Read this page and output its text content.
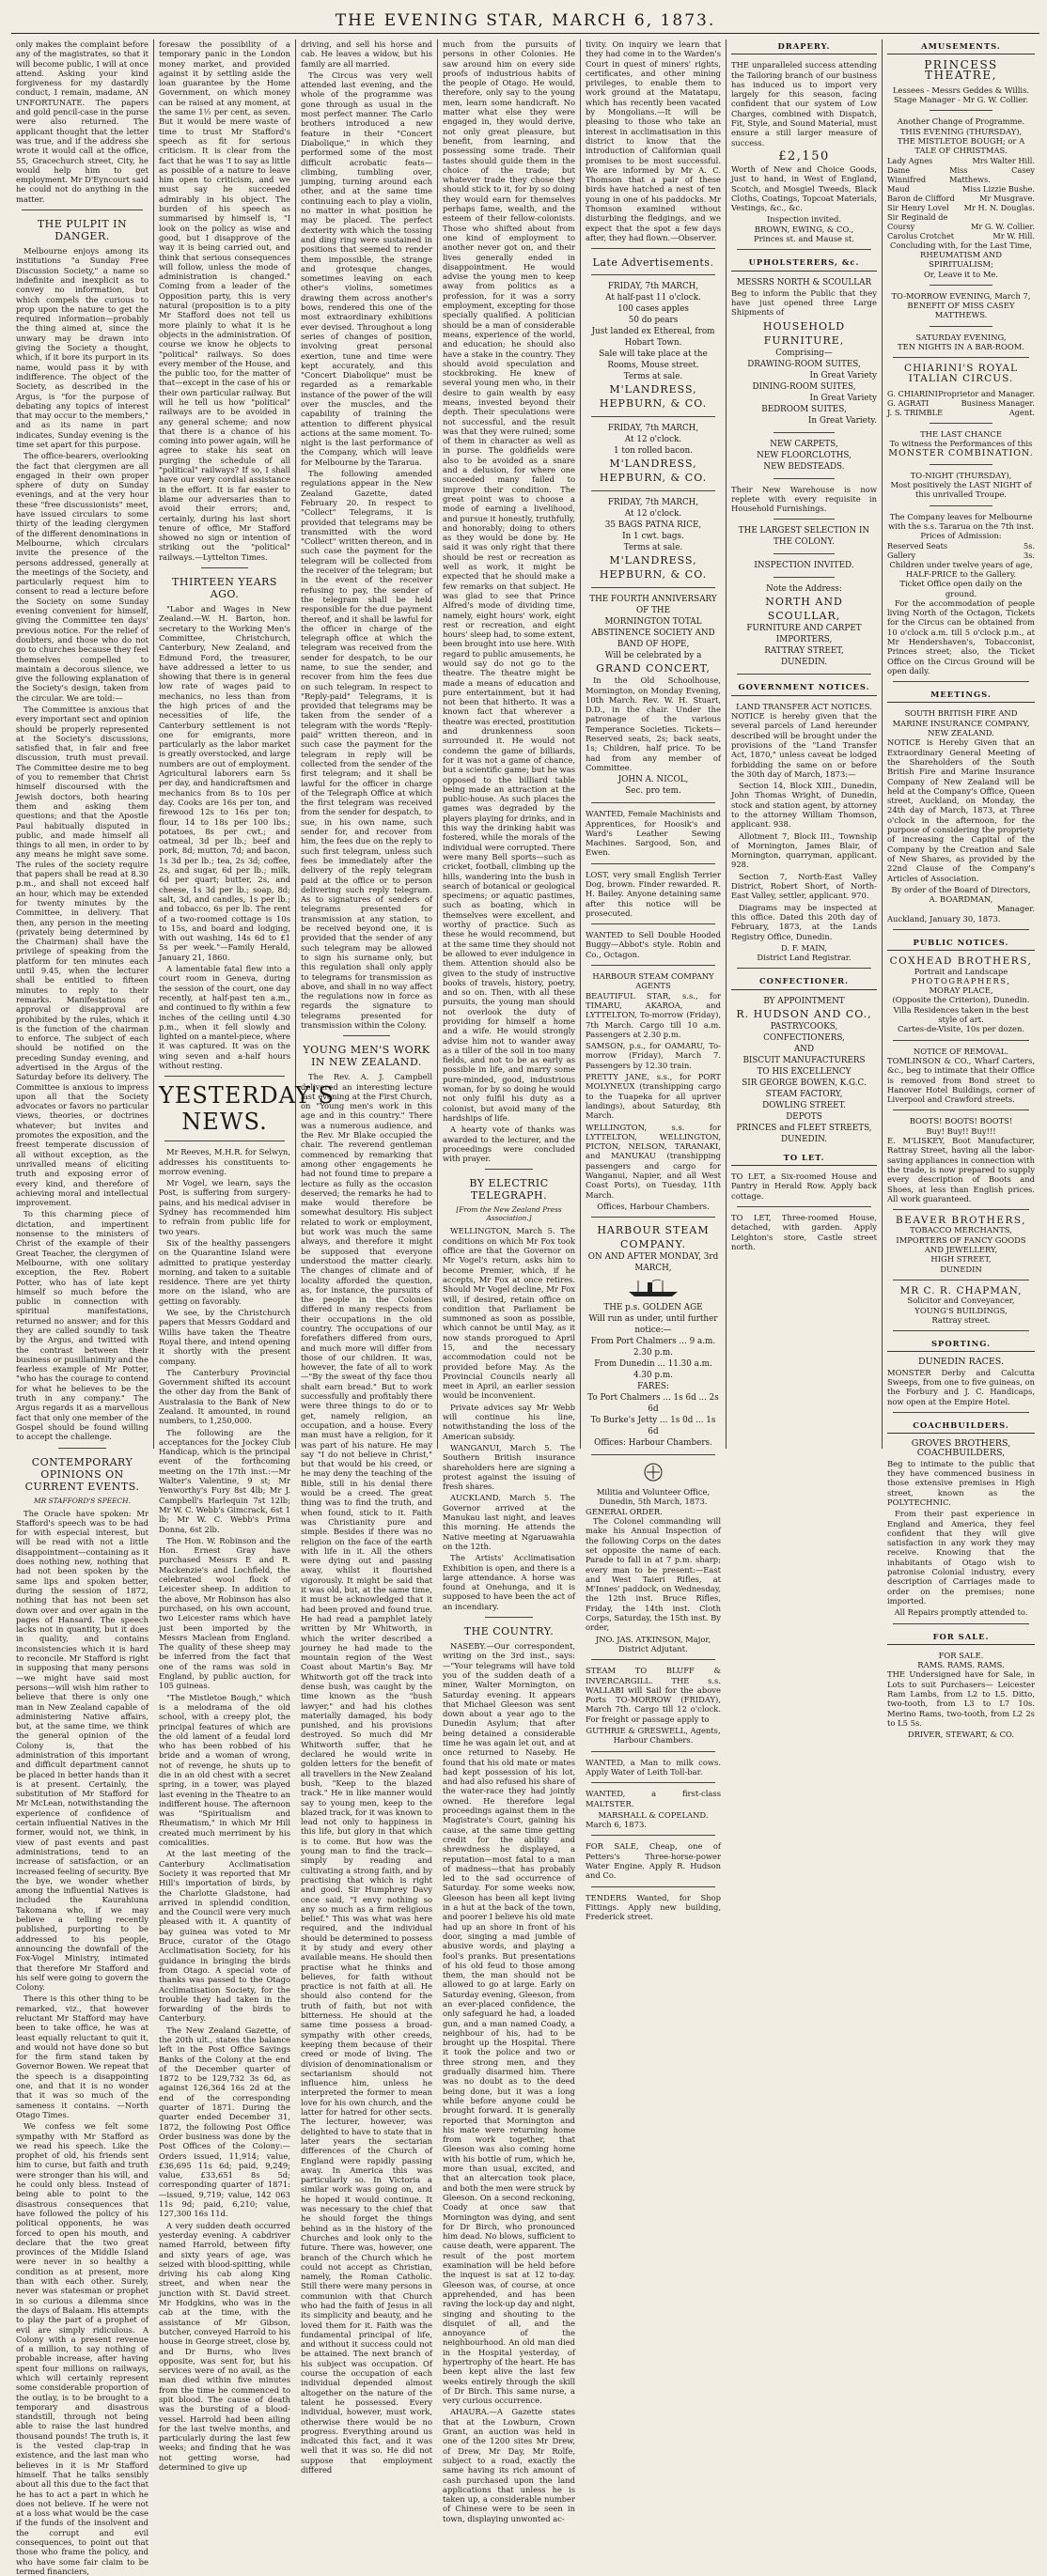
THE EVENING STAR, MARCH 6, 1873.

only makes the complaint before any of the magistrates, so that it will become public, I will at once attend. Asking your kind forgiveness for my dastardly conduct, I remain, madame, AN UNFORTUNATE. The papers and gold pencil-case in the purse were also returned. The applicant thought that the letter was true, and if the address she wrote it would call at the office, 55, Gracechurch street, City, he would help him to get employment. Mr D'Eyncourt said he could not do anything in the matter.

THE PULPIT IN DANGER.

Melbourne enjoys among its institutions "a Sunday Free Discussion Society," a name so indefinite and inexplicit as to convey no information, but which compels the curious to prop upon the nature to get the required information—probably the thing aimed at, since the unwary may be drawn into giving the Society a thought, which, if it bore its purport in its name, would pass it by with indifference. The object of the Society, as described in the Argus, is "for the purpose of debating any topics of interest that may occur to the members," and as its name in part indicates, Sunday evening is the time set apart for this purpose.

The office-bearers, overlooking the fact that clergymen are all engaged in their own proper sphere of duty on Sunday evenings, and at the very hour these "free discussionists" meet, have issued circulars to some thirty of the leading clergymen of the different denominations in Melbourne, which circulars invite the presence of the persons addressed, generally at the meetings of the Society, and particularly request him to consent to read a lecture before the Society on some Sunday evening convenient for himself, giving the Committee ten days' previous notice. For the relief of doubters, and those who do not go to churches because they feel themselves compelled to maintain a decorous silence, we give the following explanation of the Society's design, taken from the circular. We are told:—

The Committee is anxious that every important sect and opinion should be properly represented at the Society's discussions, satisfied that, in fair and free discussion, truth must prevail. The Committee desire me to beg of you to remember that Christ himself discoursed with the Jewish doctors, both hearing them and asking them questions; and that the Apostle Paul habitually disputed in public, and made himself all things to all men, in order to by any means he might save some. The rules of the society require that papers shall be read at 8.30 p.m., and shall not exceed half an hour, which may be extended for twenty minutes by the Committee, in delivery. That then, any person in the meeting (privately being determined by the Chairman) shall have the privilege of speaking from the platform for ten minutes each until 9.45, when the lecturer shall be entitled to fifteen minutes to reply to their remarks. Manifestations of approval or disapproval are prohibited by the rules, which it is the function of the chairman to enforce. The subject of each should be notified on the preceding Sunday evening, and advertised in the Argus of the Saturday before its delivery. The Committee is anxious to impress upon all that the Society advocates or favors no particular views, theories, or doctrines whatever; but invites and promotes the exposition, and the freest temperate discussion of all without exception, as the unrivalled means of eliciting truth and exposing error of every kind, and therefore of achieving moral and intellectual improvement.

To this charming piece of dictation, and impertinent nonsense to the ministers of Christ of the example of their Great Teacher, the clergymen of Melbourne, with one solitary exception, the Rev. Robert Potter, who has of late kept himself so much before the public in connection with spiritual manifestations, returned no answer; and for this they are called soundly to task by the Argus, and twitted with the contrast between their business or pusillanimity and the fearless example of Mr Potter, "who has the courage to contend for what he believes to be the truth in any company." The Argus regards it as a marvellous fact that only one member of the Gospel should be found willing to accept the challenge.

CONTEMPORARY OPINIONS ON CURRENT EVENTS.
MR STAFFORD'S SPEECH.

The Oracle have spoken: Mr Stafford's speech was to be had for with especial interest, but will be read with not a little disappointment—containing as it does nothing new, nothing that had not been spoken by the same lips and spoken better, during the session of 1872, nothing that has not been set down over and over again in the pages of Hansard. The speech lacks not in quantity, but it does in quality, and contains inconsistencies which it is hard to reconcile. Mr Stafford is right in supposing that many persons—we might have said most persons—will wish him rather to believe that there is only one man in New Zealand capable of administering Native affairs, but, at the same time, we think the general opinion of the Colony is, that the administration of this important and difficult department cannot be placed in better hands than it is at present. Certainly, the substitution of Mr Stafford for Mr McLean, notwithstanding the experience of confidence of certain influential Natives in the former, would not, we think, in view of past events and past administrations, tend to an increase of satisfaction, or an increased feeling of security. Bye the bye, we wonder whether among the influential Natives is included the Kaurahiuna Takomana who, if we may believe a telling recently published, purporting to be addressed to his people, announcing the downfall of the Fox-Vogel Ministry, intimated that therefore Mr Stafford and his self were going to govern the Colony.

There is this other thing to be remarked, viz., that however reluctant Mr Stafford may have been to take office, he was at least equally reluctant to quit it, and would not have done so but for the firm stand taken by Governor Bowen. We repeat that the speech is a disappointing one, and that it is no wonder that it was so much of the sameness it contains. —North Otago Times.

We confess we felt some sympathy with Mr Stafford as we read his speech. Like the prophet of old, his friends sent him to curse, but faith and truth were stronger than his will, and he could only bless. Instead of being able to point to the disastrous consequences that have followed the policy of his political opponents, he was forced to open his mouth, and declare that the two great provinces of the Middle Island were never in so healthy a condition as at present, more than with each other. Surely, never was statesman or prophet in so curious a dilemma since the days of Balaam. His attempts to play the part of a prophet of evil are simply ridiculous. A Colony with a present revenue of a million, to say nothing of probable increase, after having spent four millions on railways, which will certainly represent some considerable proportion of the outlay, is to be brought to a temporary and disastrous standstill, through not being able to raise the last hundred thousand pounds! The truth is, it is the vested clap-trap in existence, and the last man who believes in it is Mr Stafford himself. That he talks sensibly about all this due to the fact that he has to act a part in which he does not believe. If he were not at a loss what would be the case if the funds of the insolvent and the corrupt and evil consequences, to point out that those who frame the policy, and who have some fair claim to be termed financiers,

foresaw the possibility of a temporary panic in the London money market, and provided against it by settling aside the loan guarantee by the Home Government, on which money can be raised at any moment, at the same 1½ per cent, as seven. But it would be mere waste of time to trust Mr Stafford's speech as fit for serious criticism. It is clear from the fact that he was 'I to say as little as possible of a nature to leave him open to criticism, and we must say he succeeded admirably in his object. The burden of his speech as summarised by himself is, "I look on the policy as wise and good, but I disapprove of the way it is being carried out, and think that serious consequences will follow, unless the mode of administration is changed." Coming from a leader of the Opposition party, this is very natural (proposition is to a pity Mr Stafford does not tell us more plainly to what it is he objects in the administration. Of course we know he objects to "political" railways. So does every member of the House, and the public too, for the matter of that—except in the case of his or their own particular railway. But will he tell us how "political" railways are to be avoided in any general scheme; and now that there is a chance of his coming into power again, will he agree to stake his seat on purging the schedule of all "political" railways? If so, I shall have our very cordial assistance in the effort. It is far easier to blame our adversaries than to avoid their errors; and, certainly, during his last short tenure of office, Mr Stafford showed no sign or intention of striking out the "political" railways.—Lyttelton Times.

THIRTEEN YEARS AGO.

"Labor and Wages in New Zealand.—W. H. Barton, hon. secretary to the Working Men's Committee, Christchurch, Canterbury, New Zealand, and Edmund Ford, the treasurer, have addressed a letter to us showing that there is in general low rate of wages paid to mechanics, no less than from the high prices of and the necessities of life, the Canterbury settlement is not one for emigrants, more particularly as the labor market is greatly overstocked, and large numbers are out of employment. Agricultural laborers earn 5s per day, and handicraftsmen and mechanics from 8s to 10s per day. Cooks are 16s per ton, and firewood 12s to 16s per ton; flour, 14 to 18s per 100 lbs.; potatoes, 8s per cwt.; and oatmeal, 3d per lb.; beef and pork, 8d; mutton, 7d; and bacon, 1s 3d per lb.; tea, 2s 3d; coffee, 2s, and sugar, 6d per lb.; milk, 6d per quart; butter, 2s, and cheese, 1s 3d per lb.; soap, 8d; salt, 3d, and candles, 1s per lb.; and tobacco, 6s per lb. The rent of a two-roomed cottage is 10s to 15s, and board and lodging, with out washing, 14s 6d to £1 5s per week."—Family Herald, January 21, 1860.

A lamentable fatal flew into a court room in Geneva, during the session of the court, one day recently, at half-past ten a.m., and continued to fly within a few inches of the ceiling until 4.30 p.m., when it fell slowly and lighted on a mantel-piece, where it was captured. It was on the wing seven and a-half hours without resting.

YESTERDAY'S NEWS.

Mr Reeves, M.H.R. for Selwyn, addresses his constituents to-morrow evening.

Mr Vogel, we learn, says the Post, is suffering from surgery-pains, and his medical adviser in Sydney has recommended him to refrain from public life for two years.

Six of the healthy passengers on the Quarantine Island were admitted to pratique yesterday morning, and taken to a suitable residence. There are yet thirty more on the island, who are getting on favorably.

We see, by the Christchurch papers that Messrs Goddard and Willis have taken the Theatre Royal there, and intend opening it shortly with the present company.

The Canterbury Provincial Government shifted its account the other day from the Bank of Australasia to the Bank of New Zealand. It amounted, in round numbers, to 1,250,000.

The following are the acceptances for the Jockey Club Handicap, which is the principal event of the forthcoming meeting on the 17th inst.:—Mr Walter's Valentine, 9 st; Mr Yenworthy's Fury 8st 4lb; Mr J. Campbell's Harlequin 7st 12lb; Mr W. C. Webb's Gimcrack, 6st 1 lb; Mr W. C. Webb's Prima Donna, 6st 2lb.

The Hon. W. Robinson and the Hon. Ernest Gray have purchased Messrs E and R. Mackenzie's and Lochfield, the celebrated wool flock of Leicester sheep. In addition to the above, Mr Robinson has also purchased, on his own account, two Leicester rams which have just been imported by the Messrs Maclean from England. The quality of these sheep may be inferred from the fact that one of the rams was sold in England, by public auction, for 105 guineas.

"The Mistletoe Bough," which is a melodrama of the old school, with a creepy plot, the principal features of which are the old lament of a feudal lord who has been robbed of his bride and a woman of wrong, not of revenge, he shuts up to die in an old chest with a secret spring, in a tower, was played last evening in the Theatre to an indifferent house. The afternoon was "Spiritualism and Rheumatism," in which Mr Hill created much merriment by his comicalities.

At the last meeting of the Canterbury Acclimatisation Society it was reported that Mr Hill's importation of birds, by the Charlotte Gladstone, had arrived in splendid condition, and the Council were very much pleased with it. A quantity of bay guinea was voted to Mr Bruce, curator of the Otago Acclimatisation Society, for his guidance in bringing the birds from Otago. A special vote of thanks was passed to the Otago Acclimatisation Society, for the trouble they had taken in the forwarding of the birds to Canterbury.

The New Zealand Gazette, of the 20th ult., states the balance left in the Post Office Savings Banks of the Colony at the end of the December quarter of 1872 to be 129,732 3s 6d, as against 126,364 16s 2d at the end of the corresponding quarter of 1871. During the quarter ended December 31, 1872, the following Post Office Order business was done by the Post Offices of the Colony:—Orders issued, 11,914; value, £36,695 11s 6d; paid, 9,249; value, £33,651 8s 5d; corresponding quarter of 1871:—issued, 9,719; value, 142 063 11s 9d; paid, 6,210; value, 127,300 16s 11d.

A very sudden death occurred yesterday evening. A cabdriver named Harrold, between fifty and sixty years of age, was seized with blood-spitting, while driving his cab along King street, and when near the junction with St. David street. Mr Hodgkins, who was in the cab at the time, with the assistance of Mr Gibson, butcher, conveyed Harrold to his house in George street, close by, and Dr Burns, who lives opposite, was sent for, but his services were of no avail, as the man died within five minutes from the time he commenced to spit blood. The cause of death was the bursting of a blood-vessel. Harrold had been ailing for the last twelve months, and particularly during the last few weeks; and finding that he was not getting worse, had determined to give up

driving, and sell his horse and cab. He leaves a widow, but his family are all married.

The Circus was very well attended last evening, and the whole of the programme was gone through as usual in the most perfect manner. The Carlo brothers introduced a new feature in their "Concert Diabolique," in which they performed some of the most difficult acrobatic feats—climbing, tumbling over, jumping, turning around each other, and at the same time continuing each to play a violin, no matter in what position he may be placed. The perfect dexterity with which the tossing and ding ring were sustained in positions that seemed to render them impossible, the strange and grotesque changes, sometimes leaving on each other's violins, sometimes drawing them across another's bows, rendered this one of the most extraordinary exhibitions ever devised. Throughout a long series of changes of position, involving great personal exertion, tune and time were kept accurately, and this "Concert Diabolique" must be regarded as a remarkable instance of the power of the will over the muscles, and the capability of training the attention to different physical actions at the same moment. To-night is the last performance of the Company, which will leave for Melbourne by the Tararua.

The following amended regulations appear in the New Zealand Gazette, dated February 20. In respect to "Collect" Telegrams, it is provided that telegrams may be transmitted with the word "Collect" written thereon, and in such case the payment for the telegram will be collected from the receiver of the telegram; but in the event of the receiver refusing to pay, the sender of the telegram shall be held responsible for the due payment thereof, and it shall be lawful for the officer in charge of the telegraph office at which the telegram was received from the sender for despatch, to be our name, to sue the sender, and recover from him the fees due on such telegram. In respect to "Reply-paid" Telegrams, it is provided that telegrams may be taken from the sender of a telegram with the words "Reply-paid" written thereon, and in such case the payment for the telegram in reply will be collected from the sender of the first telegram; and it shall be lawful for the officer in charge of the Telegraph Office at which the first telegram was received from the sender for despatch, to sue, in his own name, such sender for, and recover from him, the fees due on the reply to such first telegram, unless such fees be immediately after the delivery of the reply telegram paid at the office or to person delivering such reply telegram. As to signatures of senders of telegrams presented for transmission at any station, to be received beyond one, it is provided that the sender of any such telegram may be allowed to sign his surname only, but this regulation shall only apply to telegrams for transmission as above, and shall in no way affect the regulations now in force as regards the signature to telegrams presented for transmission within the Colony.

YOUNG MEN'S WORK IN NEW ZEALAND.

The Rev. A. J. Campbell delivered an interesting lecture last evening at the First Church, on "Young men's work in this age and in this country." There was a numerous audience, and the Rev. Mr Blake occupied the chair. The reverend gentleman commenced by remarking that among other engagements he had not found time to prepare a lecture as fully as the occasion deserved; the remarks he had to make would therefore be somewhat desultory. His subject related to work or employment, but work was much the same always, and therefore it might be supposed that everyone understood the matter clearly. The changes of climate and of locality afforded the question, as, for instance, the pursuits of the people in the Colonies differed in many respects from their occupations in the old country. The occupations of our forefathers differed from ours, and much more will differ from those of our children. It was, however, the fate of all to work—"By the sweat of thy face thou shalt earn bread." But to work successfully and profitably there were three things to do or to get, namely religion, an occupation, and a house. Every man must have a religion, for it was part of his nature. He may say "I do not believe in Christ," but that would be his creed, or he may deny the teaching of the Bible, still in his denial there would be a creed. The great thing was to find the truth, and when found, stick to it. Faith was Christianity pure and simple. Besides if there was no religion on the face of the earth with life in it. All the others were dying out and passing away, whilst it flourished vigorously. It might be said that it was old, but, at the same time, it must be acknowledged that it had been proved and found true. He had read a pamphlet lately written by Mr Whitworth, in which the writer described a journey he had made to the mountain region of the West Coast about Martin's Bay. Mr Whitworth got off the track into dense bush, was caught by the time known as the "bush lawyer," and had his clothes materially damaged, his body punished, and his provisions destroyed. So much did Mr Whitworth suffer, that he declared he would write in golden letters for the benefit of all travellers in the New Zealand bush, "Keep to the blazed track." He in like manner would say to young men, keep to the blazed track, for it was known to lead not only to happiness in this life, but glory in that which is to come. But how was the young man to find the track—simply by reading and cultivating a strong faith, and by practising that which is right and good. Sir Humphrey Davy once said, "I envy nothing so any so much as a firm religious belief." This was what was here required, and the individual should be determined to possess it by study and every other available means. He should then practise what he thinks and believes, for faith without practice is not faith at all. He should also contend for the truth of faith, but not with bitterness. He should at the same time possess a broad-sympathy with other creeds, keeping them because of their creed or mode of living. The division of denominationalism or sectarianism should not influence him, unless he interpreted the former to mean love for his own church, and the latter for hatred for other sects. The lecturer, however, was delighted to have to state that in later years the sectarian differences of the Church of England were rapidly passing away. In America this was particularly so. In Victoria a similar work was going on, and he hoped it would continue. It was necessary to the chief that he should forget the things behind as in the history of the Churches and look only to the future. There was, however, one branch of the Church which he could not accept as Christian, namely, the Roman Catholic. Still there were many persons in communion with that Church who had the faith of Jesus in all its simplicity and beauty, and he loved them for it. Faith was the fundamental principal of life, and without it success could not be attained. The next branch of his subject was occupation. Of course the occupation of each individual depended almost altogether on the nature of the talent he possessed. Every individual, however, must work, otherwise there would be no progress. Everything around us indicated this fact, and it was well that it was so. He did not suppose that employment differed

much from the pursuits of persons in other Colonies. He saw around him on every side proofs of industrious habits of the people of Otago. He would, therefore, only say to the young men, learn some handicraft. No matter what else they were engaged in, they would derive, not only great pleasure, but benefit, from learning, and possessing some trade. Their tastes should guide them in the choice of the trade; but whatever trade they chose they should stick to it, for by so doing they would earn for themselves perhaps fame, wealth, and the esteem of their fellow-colonists. Those who shifted about from one kind of employment to another never got on, and their lives generally ended in disappointment. He would advise the young men to keep away from politics as a profession, for it was a sorry employment, excepting for those specially qualified. A politician should be a man of considerable means, experience of the world, and education; he should also have a stake in the country. They should avoid speculation and stockbroking. He knew of several young men who, in their desire to gain wealth by easy means, invested beyond their depth. Their speculations were not successful, and the result was that they were ruined; some of them in character as well as in purse. The goldfields were also to be avoided as a snare and a delusion, for where one succeeded many failed to improve their condition. The great point was to choose a mode of earning a livelihood, and pursue it honestly, truthfully, and honorably; doing to others as they would be done by. He said it was only right that there should be rest or recreation as well as work, it might be expected that he should make a few remarks on that subject. He was glad to see that Prince Alfred's mode of dividing time, namely, eight hours' work, eight rest or recreation, and eight hours' sleep had, to some extent, been brought into use here. With regard to public amusements, he would say do not go to the theatre. The theatre might be made a means of education and pure entertainment, but it had not been that hitherto. It was a known fact that wherever a theatre was erected, prostitution and drunkenness soon surrounded it. He would not condemn the game of billiards, for it was not a game of chance, but a scientific game; but he was opposed to the billiard table being made an attraction at the public-house. As such places the games was degraded by the players playing for drinks, and in this way the drinking habit was fostered, while the morals of the individual were corrupted. There were many Bell sports—such as cricket, football, climbing up the hills, wandering into the bush in search of botanical or geological specimens; or aquatic pastimes, such as boating, which in themselves were excellent, and worthy of practice. Such as these he would recommend, but at the same time they should not be allowed to ever indulgence in them. Attention should also be given to the study of instructive books of travels, history, poetry, and so on. Then, with all these pursuits, the young man should not overlook the duty of providing for himself a home and a wife. He would strongly advise him not to wander away as a tiller of the soil in too many fields, and not to be as early as possible in life, and marry some pure-minded, good, industrious woman, for by so doing he would not only fulfil his duty as a colonist, but avoid many of the hardships of life.

A hearty vote of thanks was awarded to the lecturer, and the proceedings were concluded with prayer.

BY ELECTRIC TELEGRAPH.
[From the New Zealand Press Association.]

WELLINGTON, March 5. The conditions on which Mr Fox took office are that the Governor on Mr Vogel's return, asks him to become Premier, which, if he accepts, Mr Fox at once retires. Should Mr Vogel decline, Mr Fox will, if desired, retain office on condition that Parliament be summoned as soon as possible, which cannot be until May, as it now stands prorogued to April 15, and the necessary accommodation could not be provided before May. As the Provincial Councils nearly all meet in April, an earlier session would be inconvenient.

Private advices say Mr Webb will continue his line, notwithstanding the loss of the American subsidy.

WANGANUI, March 5. The Southern British insurance shareholders here are signing a protest against the issuing of fresh shares.

AUCKLAND, March 5. The Governor arrived at the Manukau last night, and leaves this morning. He attends the Native meeting at Ngaruawahia on the 12th.

The Artists' Acclimatisation Exhibition is open, and there is a large attendance. A horse was found at Onehunga, and it is supposed to have been the act of an incendiary.

THE COUNTRY.

NASEBY.—Our correspondent, writing on the 3rd inst., says:—"Your telegrams will have told you of the sudden death of a miner, Walter Mornington, on Saturday evening. It appears that Michael Gleeson was sent down about a year ago to the Dunedin Asylum; that after being detained a considerable time he was again let out, and at once returned to Naseby. He found that his old mate or mates had kept possession of his lot, and had also refused his share of the water-race they had jointly owned. He therefore legal proceedings against them in the Magistrate's Court, gaining his cause, at the same time getting credit for the ability and shrewdness he displayed, a reputation—most fatal to a man of madness—that has probably led to the sad occurrence of Saturday. For some weeks now, Gleeson has been all kept living in a hut at the back of the town, and poorer I believe his old mate had up an shore in front of his door, singing a mad jumble of abusive words, and playing a fool's pranks. But presentations of his old feud to those among them, the man should not be allowed to go at large. Early on Saturday evening, Gleeson, from an ever-placed confidence, the only safeguard he had, a loaded gun, and a man named Coady, a neighbour of his, had to be brought up the Hospital. There it took the police and two or three strong men, and they gradually disarmed him. There was no doubt as to the deed being done, but it was a long while before anyone could be brought forward. It is generally reported that Mornington and his mate were returning home from work together, that Gleeson was also coming home with his bottle of rum, which he, more than usual, excited, and that an altercation took place, and both the men were struck by Gleeson. On a second reckoning, Coady at once saw that Mornington was dying, and sent for Dr Birch, who pronounced him dead. No blows, sufficient to cause death, were apparent. The result of the post mortem examination will be held before the inquest is sat at 12 to-day. Gleeson was, of course, at once apprehended, and has been raving the lock-up day and night, singing and shouting to the disquiet of all, and the annoyance of the neighbourhood. An old man died in the Hospital yesterday, of hypertrophy of the heart. He has been kept alive the last few weeks entirely through the skill of Dr Birch. This same nurse, a very curious occurrence.

AHAURA.—A Gazette states that at the Lowburn, Crown Grant, an auction was held in one of the 1200 sites Mr Drew, of Drew, Mr Day, Mr Rolfe, subject to a road, exactly the same having its rich amount of cash purchased upon the land applications that unless he is taken up, a considerable number of Chinese were to be seen in town, displaying unwonted ac-

tivity. On inquiry we learn that they had come in to the Warden's Court in quest of miners' rights, certificates, and other mining privileges, to enable them to work ground at the Matatapu, which has recently been vacated by Mongolians.—It will be pleasing to those who take an interest in acclimatisation in this district to know that the introduction of Californian quail promises to be most successful. We are informed by Mr A. C. Thomson that a pair of these birds have hatched a nest of ten young in one of his paddocks. Mr Thomson examined without disturbing the fledgings, and we expect that the spot a few days after, they had flown.—Observer.

Late Advertisements.
FRIDAY, 7th MARCH,
At half-past 11 o'clock.
100 cases apples
50 do pears
Just landed ex Ethereal, from Hobart Town.
Sale will take place at the Rooms, Mouse street.
Terms at sale.
M'LANDRESS, HEPBURN, & CO.
FRIDAY, 7th MARCH,
At 12 o'clock.
1 ton rolled bacon.
M'LANDRESS, HEPBURN, & CO.
FRIDAY, 7th MARCH,
At 12 o'clock.
35 BAGS PATNA RICE,
In 1 cwt. bags.
Terms at sale.
M'LANDRESS, HEPBURN, & CO.
THE FOURTH ANNIVERSARY
OF THE
MORNINGTON TOTAL ABSTINENCE SOCIETY AND BAND OF HOPE,
Will be celebrated by a
GRAND CONCERT,

In the Old Schoolhouse, Mornington, on Monday Evening, 10th March. Rev. W. H. Stuart, D.D., in the chair. Under the patronage of the various Temperance Societies. Tickets—Reserved seats, 2s; back seats, 1s; Children, half price. To be had from any member of Committee.

JOHN A. NICOL,
Sec. pro tem.

WANTED, Female Machinists and Apprentices, for Hoosik's and Ward's Leather Sewing Machines. Sargood, Son, and Ewen.

LOST, very small English Terrier Dog, brown. Finder rewarded. R. H. Bailey. Anyone detaining same after this notice will be prosecuted.

WANTED to Sell Double Hooded Buggy—Abbot's style. Robin and Co., Octagon.

HARBOUR STEAM COMPANY AGENTS

BEAUTIFUL STAR, s.s., for TIMARU, AKAROA, and LYTTELTON, To-morrow (Friday), 7th March. Cargo till 10 a.m. Passengers at 2.30 p.m.

SAMSON, p.s., for OAMARU, To-morrow (Friday), March 7. Passengers by 12.30 train.

PRETTY JANE, s.s., for PORT MOLYNEUX (transhipping cargo to the Tuapeka for all upriver landings), about Saturday, 8th March.

WELLINGTON, s.s. for LYTTELTON, WELLINGTON, PICTON, NELSON, TARANAKI, and MANUKAU (transhipping passengers and cargo for Wanganui, Napier, and all West Coast Ports), on Tuesday, 11th March.

Offices, Harbour Chambers.
HARBOUR STEAM COMPANY.
ON AND AFTER MONDAY, 3rd MARCH,
THE p.s. GOLDEN AGE
Will run as under, until further notice:—
From Port Chalmers ... 9 a.m. 2.30 p.m.
From Dunedin ... 11.30 a.m. 4.30 p.m.
FARES:
To Port Chalmers ... 1s 6d ... 2s 6d
To Burke's Jetty ... 1s 0d ... 1s 6d
Offices: Harbour Chambers.
Militia and Volunteer Office,
Dunedin, 5th March, 1873.
GENERAL ORDER.

The Colonel commanding will make his Annual Inspection of the following Corps on the dates set opposite the name of each. Parade to fall in at 7 p.m. sharp; every man to be present:—East and West Taieri Rifles, at M'Innes' paddock, on Wednesday, the 12th inst. Bruce Rifles, Friday, the 14th inst. Cloth Corps, Saturday, the 15th inst. By order,

JNO. JAS. ATKINSON, Major,
District Adjutant.

STEAM TO BLUFF & INVERCARGILL. THE s.s. WALLABI will Sail for the above Ports TO-MORROW (FRIDAY), March 7th. Cargo till 12 o'clock. For freight or passage apply to

GUTHRIE & GRESWELL, Agents,
Harbour Chambers.

WANTED, a Man to milk cows. Apply Water of Leith Toll-bar.

WANTED, a first-class MALTSTER.

MARSHALL & COPELAND.
March 6, 1873.

FOR SALE, Cheap, one of Petters's Three-horse-power Water Engine. Apply R. Hudson and Co.

TENDERS Wanted, for Shop Fittings. Apply new building, Frederick street.

DRAPERY.

THE unparalleled success attending the Tailoring branch of our business has induced us to import very largely for this season, facing confident that our system of Low Charges, combined with Dispatch, Fit, Style, and Sound Material, must ensure a still larger measure of success.

£2,150

Worth of New and Choice Goods, just to hand, in West of England, Scotch, and Mosgiel Tweeds, Black Cloths, Coatings, Topcoat Materials, Vestings, &c., &c.

Inspection invited.
BROWN, EWING, & CO.,
Princes st. and Mause st.
UPHOLSTERERS, &c.
MESSRS NORTH & SCOULLAR

Beg to inform the Public that they have just opened three Large Shipments of

HOUSEHOLD FURNITURE,
Comprising—
DRAWING-ROOM SUITES,
In Great Variety
DINING-ROOM SUITES,
In Great Variety
BEDROOM SUITES,
In Great Variety.
NEW CARPETS,
NEW FLOORCLOTHS,
NEW BEDSTEADS.

Their New Warehouse is now replete with every requisite in Household Furnishings.

THE LARGEST SELECTION IN
THE COLONY.
INSPECTION INVITED.
Note the Address:
NORTH AND SCOULLAR,
FURNITURE AND CARPET
IMPORTERS,
RATTRAY STREET,
DUNEDIN.
GOVERNMENT NOTICES.
LAND TRANSFER ACT NOTICES.

NOTICE is hereby given that the several parcels of Land hereunder described will be brought under the provisions of the "Land Transfer Act, 1870," unless caveat be lodged forbidding the same on or before the 30th day of March, 1873:—

Section 14, Block XIII., Dunedin, John Thomas Wright, of Dunedin, stock and station agent, by attorney to the attorney William Thomson, applicant. 938.

Allotment 7, Block III., Township of Mornington, James Blair, of Mornington, quarryman, applicant. 928.

Section 7, North-East Valley District, Robert Short, of North-East Valley, settler, applicant. 970.

Diagrams may be inspected at this office. Dated this 20th day of February, 1873, at the Lands Registry Office, Dunedin.

D. F. MAIN,
District Land Registrar.
CONFECTIONER.
BY APPOINTMENT
R. HUDSON AND CO.,
PASTRYCOOKS, CONFECTIONERS,
AND
BISCUIT MANUFACTURERS
TO HIS EXCELLENCY
SIR GEORGE BOWEN, K.G.C.
STEAM FACTORY,
DOWLING STREET.
DEPOTS
PRINCES and FLEET STREETS,
DUNEDIN.
TO LET.

TO LET, a Six-roomed House and Pantry in Herald Row. Apply back cottage.

TO LET, Three-roomed House, detached, with garden. Apply Leighton's store, Castle street north.

AMUSEMENTS.
PRINCESS THEATRE,
Lessees - Messrs Geddes & Willis.
Stage Manager - Mr G. W. Collier.
Another Change of Programme.
THIS EVENING (THURSDAY),
THE MISTLETOE BOUGH; or A TALE OF CHRISTMAS.
Lady Agnes	Mrs Walter Hill.
Dame Winnifred
Miss Casey Matthews.
Maud	Miss Lizzie Bushe.
Baron de Clifford	Mr Musgrave.
Sir Henry Lovel Mr H. N. Douglas.
Sir Reginald de
Coursy	Mr G. W. Collier.
Carolus Crotchet	Mr W. Hill.
Concluding with, for the Last Time,
RHEUMATISM AND SPIRITUALISM;
Or, Leave it to Me.
TO-MORROW EVENING, March 7,
BENEFIT OF MISS CASEY MATTHEWS.
SATURDAY EVENING,
TEN NIGHTS IN A BAR-ROOM.
CHIARINI'S ROYAL ITALIAN CIRCUS.
G. CHIARINI Proprietor and Manager.
G. AGRATI	Business Manager.
J. S. TRIMBLE	Agent.
THE LAST CHANCE
To witness the Performances of this
MONSTER COMBINATION.
TO-NIGHT (THURSDAY),
Most positively the LAST NIGHT of this unrivalled Troupe.
The Company leaves for Melbourne with the s.s. Tararua on the 7th inst.
Prices of Admission:
Reserved Seats	5s.
Gallery	3s.
Children under twelve years of age, HALF-PRICE to the Gallery.
Ticket Office open daily on the ground.

For the accommodation of people living North of the Octagon, Tickets for the Circus can be obtained from 10 o'clock a.m. till 5 o'clock p.m., at Mr Hendershaven's, Tobacconist, Princes street; also, the Ticket Office on the Circus Ground will be open daily.

MEETINGS.
SOUTH BRITISH FIRE AND MARINE INSURANCE COMPANY, NEW ZEALAND.

NOTICE is Hereby Given that an Extraordinary General Meeting of the Shareholders of the South British Fire and Marine Insurance Company of New Zealand will be held at the Company's Office, Queen street, Auckland, on Monday, the 24th day of March, 1873, at Three o'clock in the afternoon, for the purpose of considering the propriety of increasing the Capital of the Company by the Creation and Sale of New Shares, as provided by the 22nd Clause of the Company's Articles of Association.

By order of the Board of Directors,
A. BOARDMAN,
Manager.
Auckland, January 30, 1873.
PUBLIC NOTICES.
COXHEAD BROTHERS,
Portrait and Landscape
PHOTOGRAPHERS,
MORAY PLACE,
(Opposite the Criterion), Dunedin.
Villa Residences taken in the best style of art.
Cartes-de-Visite, 10s per dozen.
NOTICE OF REMOVAL.

TOMLINSON & CO., Wharf Carters, &c., beg to intimate that their Office is removed from Bond street to Hanover Hotel Buildings, corner of Liverpool and Crawford streets.

BOOTS! BOOTS! BOOTS!
Buy! Buy!! Buy!!!

E. M'LISKEY, Boot Manufacturer, Rattray Street, having all the labor-saving appliances in connection with the trade, is now prepared to supply every description of Boots and Shoes, at less than English prices. All work guaranteed.

BEAVER BROTHERS,
TOBACCO MERCHANTS,
IMPORTERS OF FANCY GOODS AND JEWELLERY,
HIGH STREET,
DUNEDIN
MR C. R. CHAPMAN,
Solicitor and Conveyancer,
YOUNG'S BUILDINGS,
Rattray street.
SPORTING.
DUNEDIN RACES.

MONSTER Derby and Calcutta Sweeps, from one to five guineas, on the Forbury and J. C. Handicaps, now open at the Empire Hotel.

COACHBUILDERS.
GROVES BROTHERS, COACHBUILDERS,

Beg to intimate to the public that they have commenced business in those extensive premises in High street, known as the POLYTECHNIC.

From their past experience in England and America, they feel confident that they will give satisfaction in any work they may receive. Knowing that the inhabitants of Otago wish to patronise Colonial industry, every description of Carriages made to order on the premises; none imported.

All Repairs promptly attended to.
FOR SALE.
FOR SALE.
RAMS. RAMS. RAMS.

THE Undersigned have for Sale, in Lots to suit Purchasers— Leicester Ram Lambs, from L2 to L5. Ditto, two-tooth, from L3 to L7 10s. Merino Rams, two-tooth, from L2 2s to L5 5s.

DRIVER, STEWART, & CO.
